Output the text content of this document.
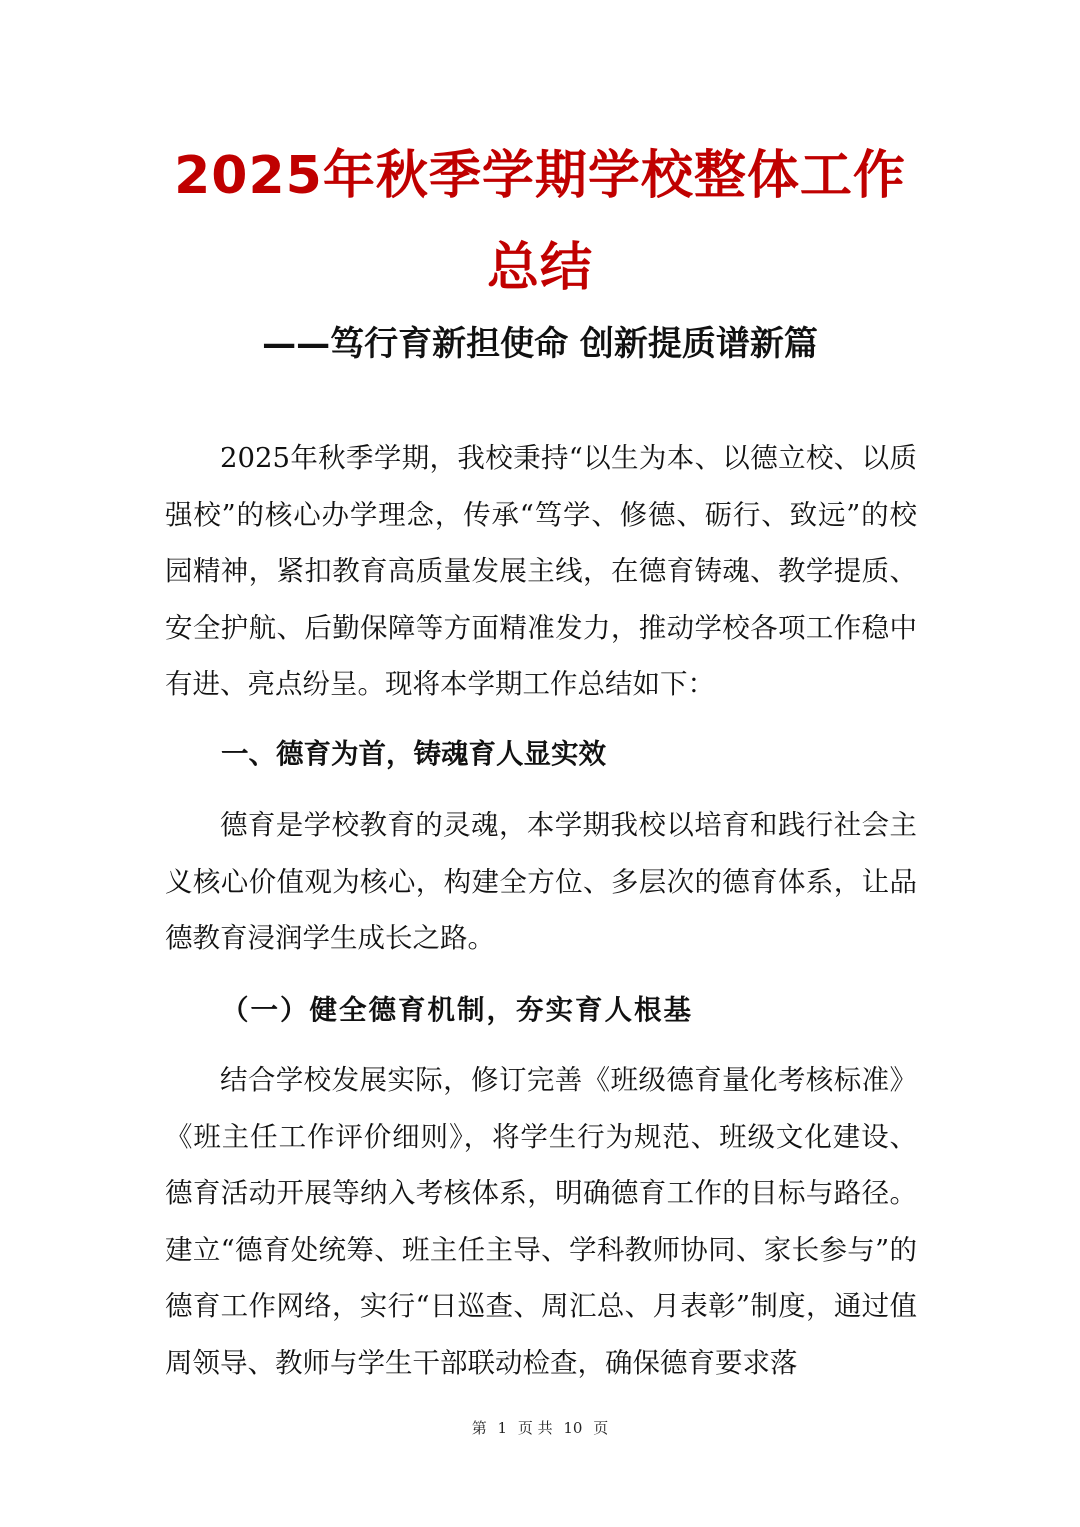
2025年秋季学期学校整体工作总结
——笃行育新担使命 创新提质谱新篇

2025年秋季学期，我校秉持“以生为本、以德立校、以质强校”的核心办学理念，传承“笃学、修德、砺行、致远”的校园精神，紧扣教育高质量发展主线，在德育铸魂、教学提质、安全护航、后勤保障等方面精准发力，推动学校各项工作稳中有进、亮点纷呈。现将本学期工作总结如下：

一、德育为首，铸魂育人显实效

德育是学校教育的灵魂，本学期我校以培育和践行社会主义核心价值观为核心，构建全方位、多层次的德育体系，让品德教育浸润学生成长之路。

（一）健全德育机制，夯实育人根基

结合学校发展实际，修订完善《班级德育量化考核标准》《班主任工作评价细则》，将学生行为规范、班级文化建设、德育活动开展等纳入考核体系，明确德育工作的目标与路径。建立“德育处统筹、班主任主导、学科教师协同、家长参与”的德育工作网络，实行“日巡查、周汇总、月表彰”制度，通过值周领导、教师与学生干部联动检查，确保德育要求落

第 1 页 共 10 页
